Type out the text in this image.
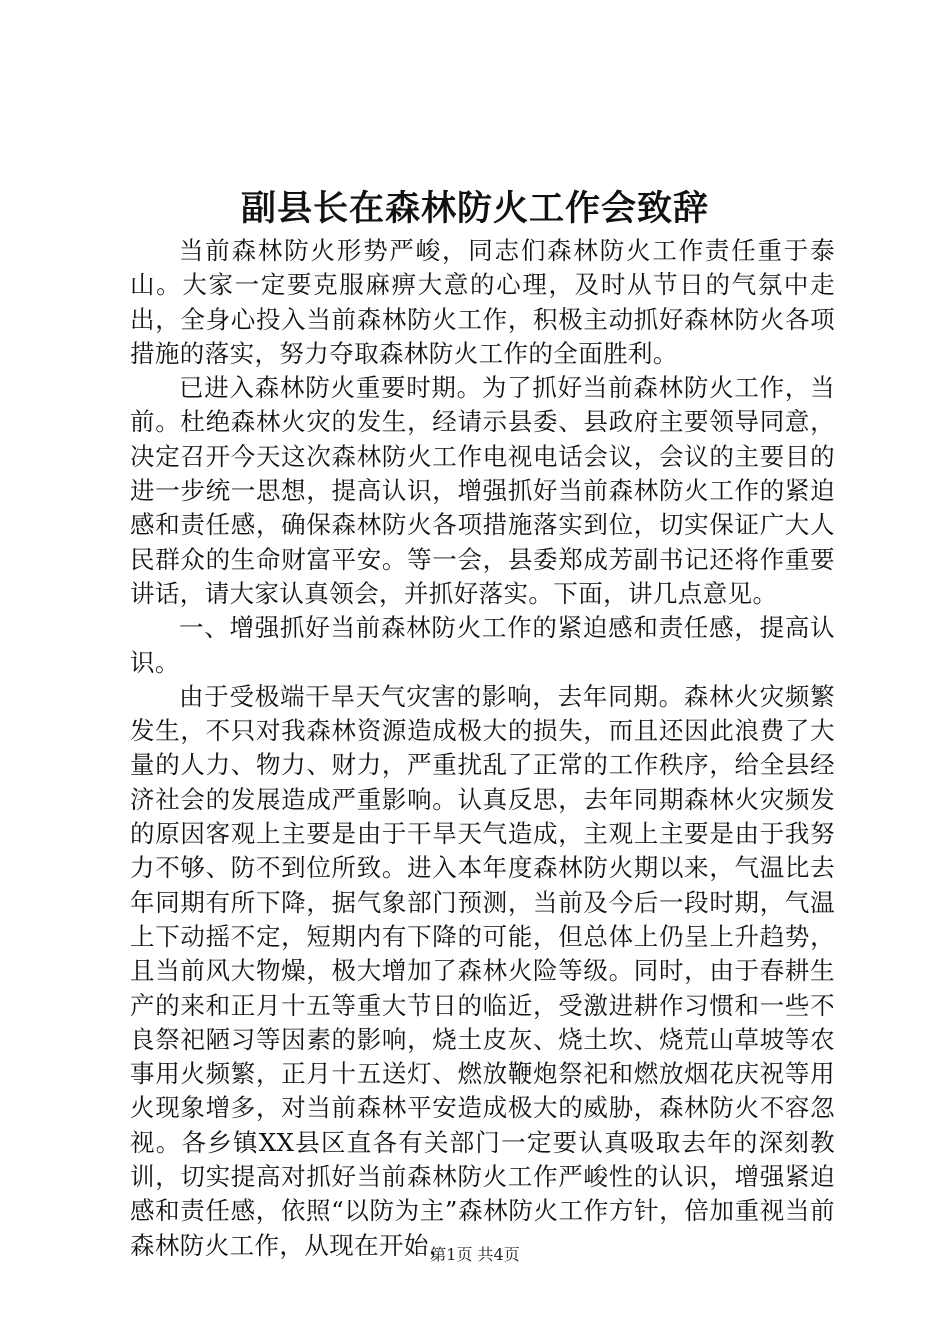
副县长在森林防火工作会致辞

当前森林防火形势严峻，同志们森林防火工作责任重于泰山。大家一定要克服麻痹大意的心理，及时从节日的气氛中走出，全身心投入当前森林防火工作，积极主动抓好森林防火各项措施的落实，努力夺取森林防火工作的全面胜利。

已进入森林防火重要时期。为了抓好当前森林防火工作，当前。杜绝森林火灾的发生，经请示县委、县政府主要领导同意，决定召开今天这次森林防火工作电视电话会议，会议的主要目的进一步统一思想，提高认识，增强抓好当前森林防火工作的紧迫感和责任感，确保森林防火各项措施落实到位，切实保证广大人民群众的生命财富平安。等一会，县委郑成芳副书记还将作重要讲话，请大家认真领会，并抓好落实。下面，讲几点意见。

一、增强抓好当前森林防火工作的紧迫感和责任感，提高认识。

由于受极端干旱天气灾害的影响，去年同期。森林火灾频繁发生，不只对我森林资源造成极大的损失，而且还因此浪费了大量的人力、物力、财力，严重扰乱了正常的工作秩序，给全县经济社会的发展造成严重影响。认真反思，去年同期森林火灾频发的原因客观上主要是由于干旱天气造成，主观上主要是由于我努力不够、防不到位所致。进入本年度森林防火期以来，气温比去年同期有所下降，据气象部门预测，当前及今后一段时期，气温上下动摇不定，短期内有下降的可能，但总体上仍呈上升趋势，且当前风大物燥，极大增加了森林火险等级。同时，由于春耕生产的来和正月十五等重大节日的临近，受激进耕作习惯和一些不良祭祀陋习等因素的影响，烧土皮灰、烧土坎、烧荒山草坡等农事用火频繁，正月十五送灯、燃放鞭炮祭祀和燃放烟花庆祝等用火现象增多，对当前森林平安造成极大的威胁，森林防火不容忽视。各乡镇XX县区直各有关部门一定要认真吸取去年的深刻教训，切实提高对抓好当前森林防火工作严峻性的认识，增强紧迫感和责任感，依照“以防为主”森林防火工作方针，倍加重视当前森林防火工作，从现在开始，

第1页 共4页
